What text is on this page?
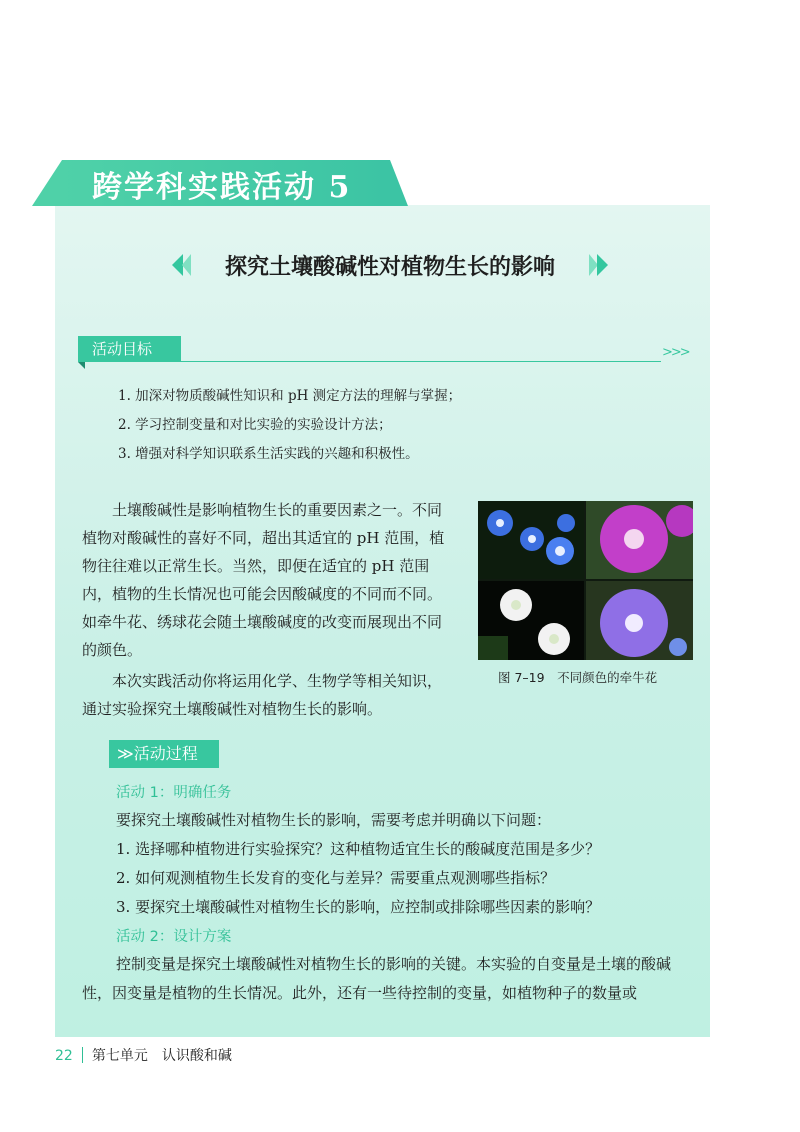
跨学科实践活动 5
探究土壤酸碱性对植物生长的影响
活动目标	>>>
1. 加深对物质酸碱性知识和 pH 测定方法的理解与掌握；
2. 学习控制变量和对比实验的实验设计方法；
3. 增强对科学知识联系生活实践的兴趣和积极性。
土壤酸碱性是影响植物生长的重要因素之一。不同植物对酸碱性的喜好不同，超出其适宜的 pH 范围，植物往往难以正常生长。当然，即便在适宜的 pH 范围内，植物的生长情况也可能会因酸碱度的不同而不同。如牵牛花、绣球花会随土壤酸碱度的改变而展现出不同的颜色。
本次实践活动你将运用化学、生物学等相关知识，通过实验探究土壤酸碱性对植物生长的影响。
图 7–19　不同颜色的牵牛花
≫活动过程
活动 1：明确任务
要探究土壤酸碱性对植物生长的影响，需要考虑并明确以下问题：
1. 选择哪种植物进行实验探究？这种植物适宜生长的酸碱度范围是多少？
2. 如何观测植物生长发育的变化与差异？需要重点观测哪些指标？
3. 要探究土壤酸碱性对植物生长的影响，应控制或排除哪些因素的影响？
活动 2：设计方案
控制变量是探究土壤酸碱性对植物生长的影响的关键。本实验的自变量是土壤的酸碱性，因变量是植物的生长情况。此外，还有一些待控制的变量，如植物种子的数量或
22 第七单元　认识酸和碱
